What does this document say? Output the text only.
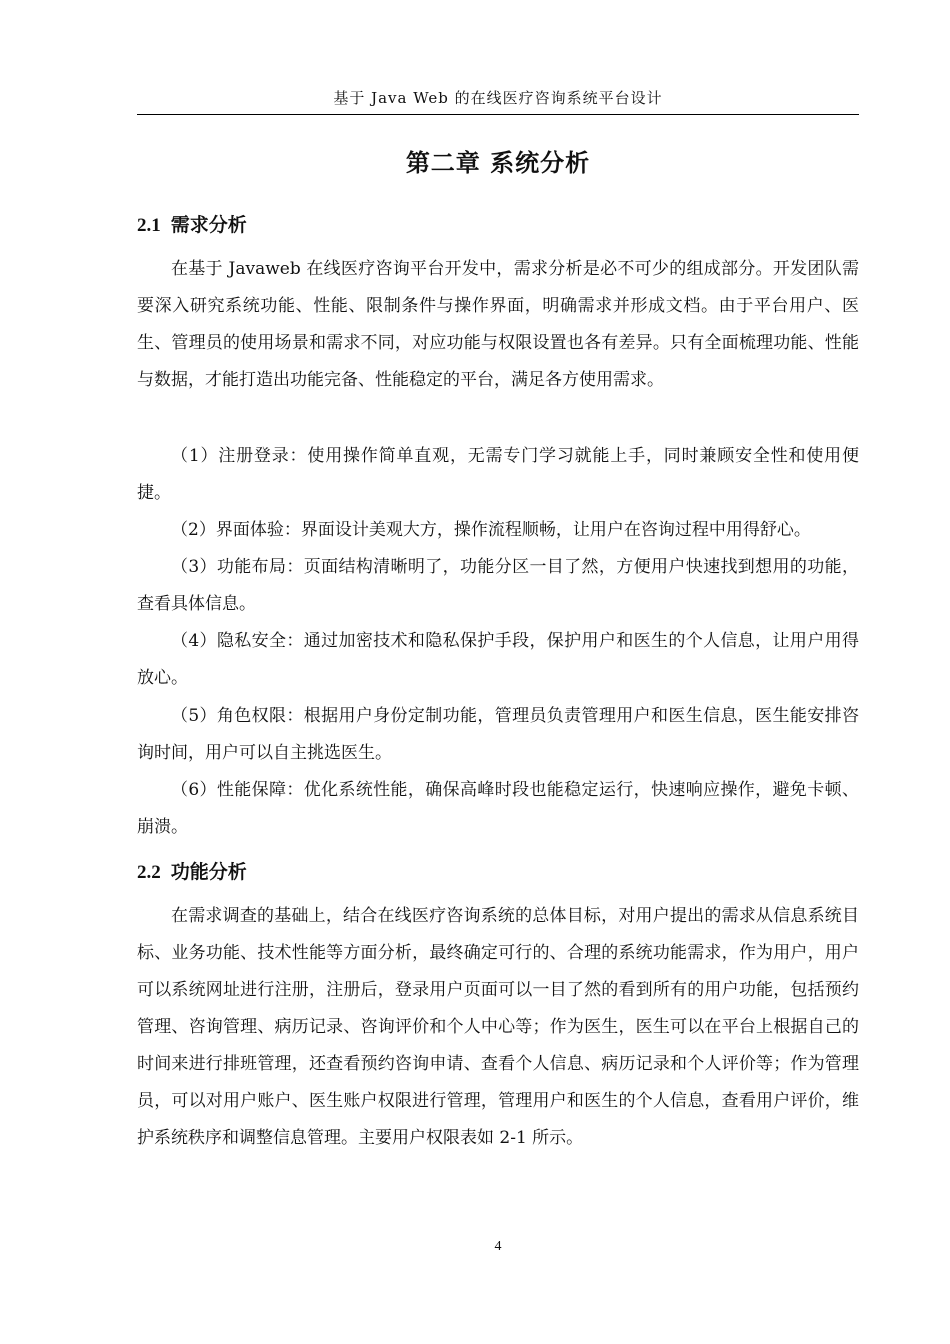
基于 Java Web 的在线医疗咨询系统平台设计
第二章 系统分析
2.1 需求分析

在基于 Javaweb 在线医疗咨询平台开发中，需求分析是必不可少的组成部分。开发团队需要深入研究系统功能、性能、限制条件与操作界面，明确需求并形成文档。由于平台用户、医生、管理员的使用场景和需求不同，对应功能与权限设置也各有差异。只有全面梳理功能、性能与数据，才能打造出功能完备、性能稳定的平台，满足各方使用需求。

（1）注册登录：使用操作简单直观，无需专门学习就能上手，同时兼顾安全性和使用便捷。

（2）界面体验：界面设计美观大方，操作流程顺畅，让用户在咨询过程中用得舒心。

（3）功能布局：页面结构清晰明了，功能分区一目了然，方便用户快速找到想用的功能，查看具体信息。

（4）隐私安全：通过加密技术和隐私保护手段，保护用户和医生的个人信息，让用户用得放心。

（5）角色权限：根据用户身份定制功能，管理员负责管理用户和医生信息，医生能安排咨询时间，用户可以自主挑选医生。

（6）性能保障：优化系统性能，确保高峰时段也能稳定运行，快速响应操作，避免卡顿、崩溃。

2.2 功能分析

在需求调查的基础上，结合在线医疗咨询系统的总体目标，对用户提出的需求从信息系统目标、业务功能、技术性能等方面分析，最终确定可行的、合理的系统功能需求，作为用户，用户可以系统网址进行注册，注册后，登录用户页面可以一目了然的看到所有的用户功能，包括预约管理、咨询管理、病历记录、咨询评价和个人中心等；作为医生，医生可以在平台上根据自己的时间来进行排班管理，还查看预约咨询申请、查看个人信息、病历记录和个人评价等；作为管理员，可以对用户账户、医生账户权限进行管理，管理用户和医生的个人信息，查看用户评价，维护系统秩序和调整信息管理。主要用户权限表如 2-1 所示。

4
